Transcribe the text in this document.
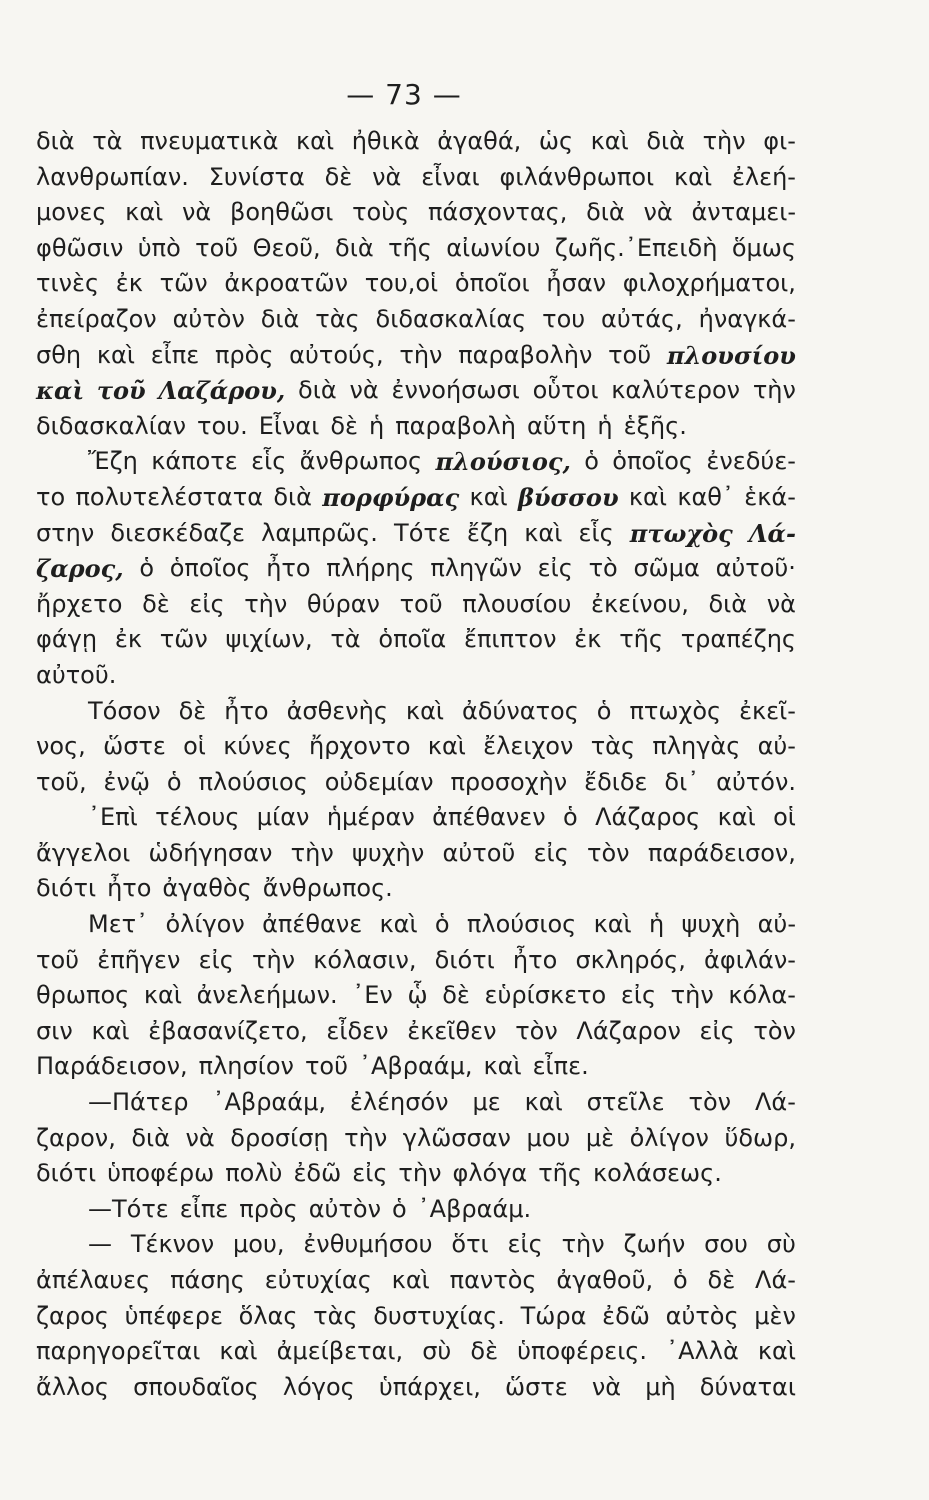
— 73 —
διὰ τὰ πνευματικὰ καὶ ἠθικὰ ἀγαθά, ὡς καὶ διὰ τὴν φι-
λανθρωπίαν. Συνίστα δὲ νὰ εἶναι φιλάνθρωποι καὶ ἐλεή-
μονες καὶ νὰ βοηθῶσι τοὺς πάσχοντας, διὰ νὰ ἀνταμει-
φθῶσιν ὑπὸ τοῦ Θεοῦ, διὰ τῆς αἰωνίου ζωῆς.᾿Επειδὴ ὅμως
τινὲς ἐκ τῶν ἀκροατῶν του,οἱ ὁποῖοι ἦσαν φιλοχρήματοι,
ἐπείραζον αὐτὸν διὰ τὰς διδασκαλίας του αὐτάς, ἠναγκά-
σθη καὶ εἶπε πρὸς αὐτούς, τὴν παραβολὴν τοῦ πλουσίου
καὶ τοῦ Λαζάρου, διὰ νὰ ἐννοήσωσι οὗτοι καλύτερον τὴν
διδασκαλίαν του. Εἶναι δὲ ἡ παραβολὴ αὕτη ἡ ἑξῆς.
Ἔζη κάποτε εἷς ἄνθρωπος πλούσιος, ὁ ὁποῖος ἐνεδύε-
το πολυτελέστατα διὰ πορφύρας καὶ βύσσου καὶ καθ᾿ ἑκά-
στην διεσκέδαζε λαμπρῶς. Τότε ἔζη καὶ εἷς πτωχὸς Λά-
ζαρος, ὁ ὁποῖος ἦτο πλήρης πληγῶν εἰς τὸ σῶμα αὐτοῦ·
ἤρχετο δὲ εἰς τὴν θύραν τοῦ πλουσίου ἐκείνου, διὰ νὰ
φάγῃ ἐκ τῶν ψιχίων, τὰ ὁποῖα ἔπιπτον ἐκ τῆς τραπέζης
αὐτοῦ.
Τόσον δὲ ἦτο ἀσθενὴς καὶ ἀδύνατος ὁ πτωχὸς ἐκεῖ-
νος, ὥστε οἱ κύνες ἤρχοντο καὶ ἔλειχον τὰς πληγὰς αὐ-
τοῦ, ἐνῷ ὁ πλούσιος οὐδεμίαν προσοχὴν ἔδιδε δι᾿ αὐτόν.
᾿Επὶ τέλους μίαν ἡμέραν ἀπέθανεν ὁ Λάζαρος καὶ οἱ
ἄγγελοι ὡδήγησαν τὴν ψυχὴν αὐτοῦ εἰς τὸν παράδεισον,
διότι ἦτο ἀγαθὸς ἄνθρωπος.
Μετ᾿ ὀλίγον ἀπέθανε καὶ ὁ πλούσιος καὶ ἡ ψυχὴ αὐ-
τοῦ ἐπῆγεν εἰς τὴν κόλασιν, διότι ἦτο σκληρός, ἀφιλάν-
θρωπος καὶ ἀνελεήμων. ᾿Εν ᾧ δὲ εὑρίσκετο εἰς τὴν κόλα-
σιν καὶ ἐβασανίζετο, εἶδεν ἐκεῖθεν τὸν Λάζαρον εἰς τὸν
Παράδεισον, πλησίον τοῦ ᾿Αβραάμ, καὶ εἶπε.
—Πάτερ ᾿Αβραάμ, ἐλέησόν με καὶ στεῖλε τὸν Λά-
ζαρον, διὰ νὰ δροσίσῃ τὴν γλῶσσαν μου μὲ ὀλίγον ὕδωρ,
διότι ὑποφέρω πολὺ ἐδῶ εἰς τὴν φλόγα τῆς κολάσεως.
—Τότε εἶπε πρὸς αὐτὸν ὁ ᾿Αβραάμ.
— Τέκνον μου, ἐνθυμήσου ὅτι εἰς τὴν ζωήν σου σὺ
ἀπέλαυες πάσης εὐτυχίας καὶ παντὸς ἀγαθοῦ, ὁ δὲ Λά-
ζαρος ὑπέφερε ὅλας τὰς δυστυχίας. Τώρα ἐδῶ αὐτὸς μὲν
παρηγορεῖται καὶ ἀμείβεται, σὺ δὲ ὑποφέρεις. ᾿Αλλὰ καὶ
ἄλλος σπουδαῖος λόγος ὑπάρχει, ὥστε νὰ μὴ δύναται
